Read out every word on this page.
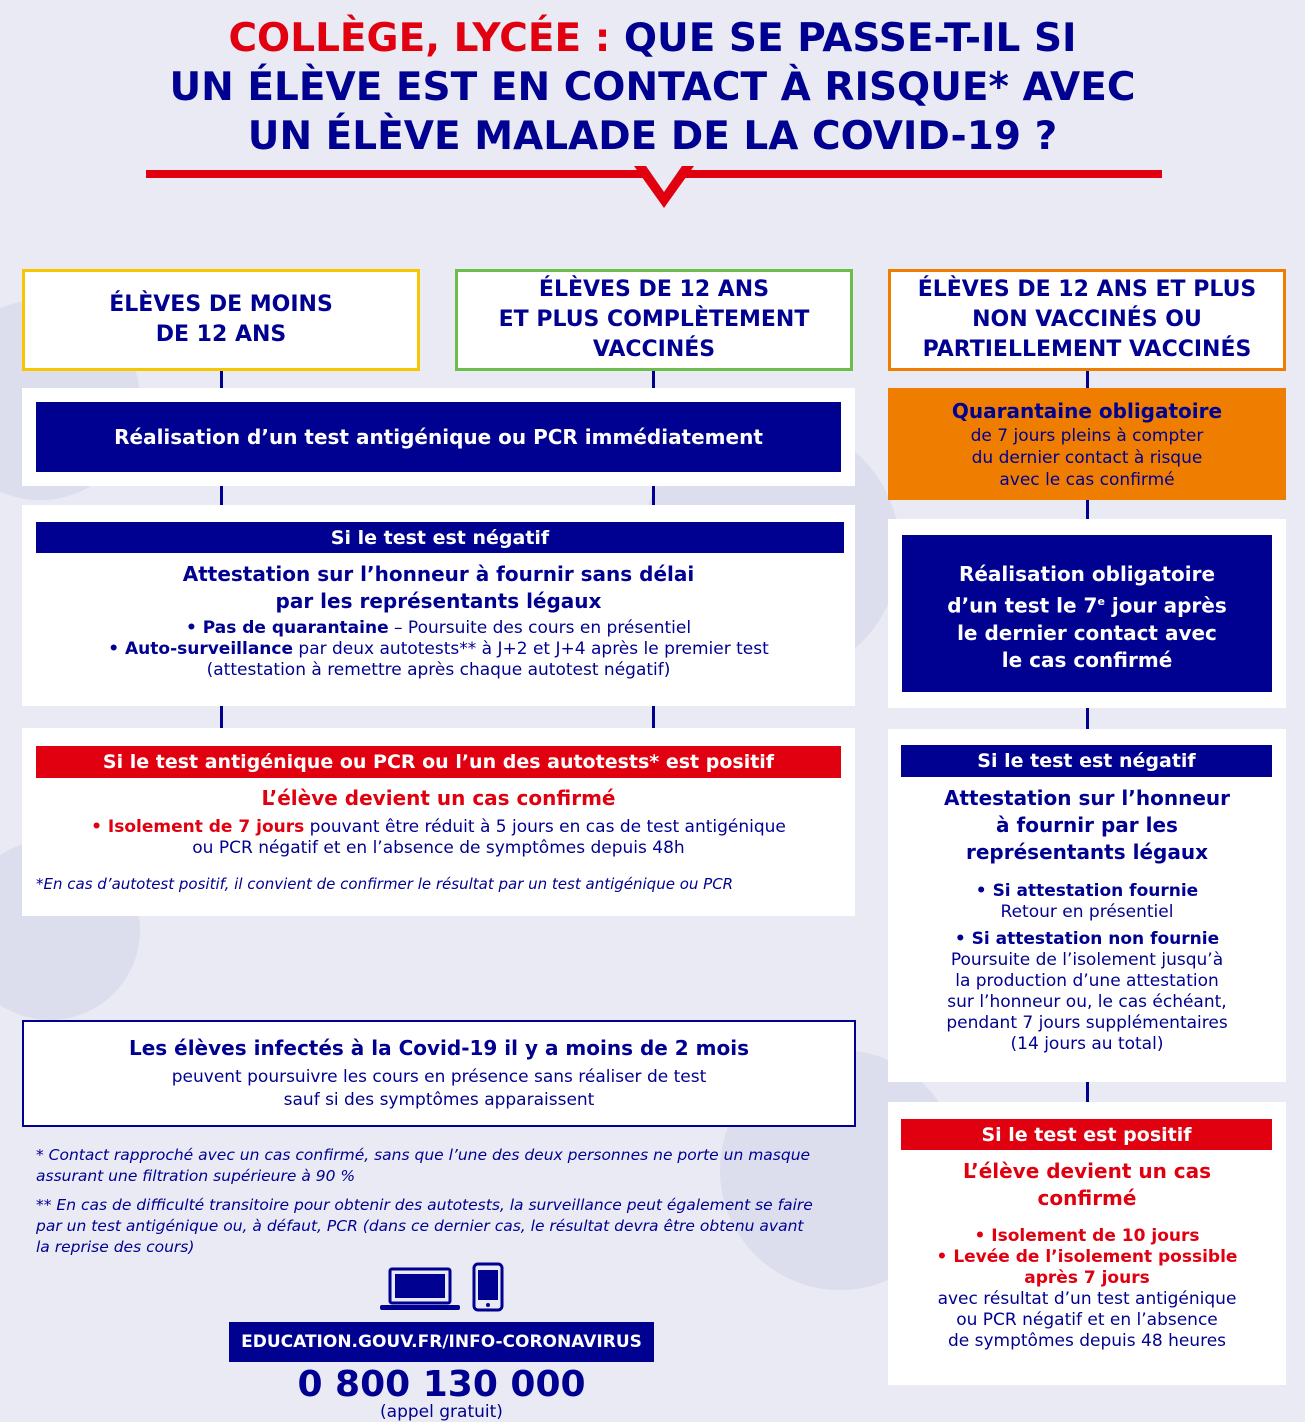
COLLÈGE, LYCÉE : QUE SE PASSE-T-IL SI
UN ÉLÈVE EST EN CONTACT À RISQUE* AVEC
UN ÉLÈVE MALADE DE LA COVID-19 ?
ÉLÈVES DE MOINS
DE 12 ANS
ÉLÈVES DE 12 ANS
ET PLUS COMPLÈTEMENT
VACCINÉS
ÉLÈVES DE 12 ANS ET PLUS
NON VACCINÉS OU
PARTIELLEMENT VACCINÉS
Réalisation d’un test antigénique ou PCR immédiatement
Si le test est négatif
Attestation sur l’honneur à fournir sans délai
par les représentants légaux
• Pas de quarantaine – Poursuite des cours en présentiel
• Auto-surveillance par deux autotests** à J+2 et J+4 après le premier test
(attestation à remettre après chaque autotest négatif)
Si le test antigénique ou PCR ou l’un des autotests* est positif
L’élève devient un cas confirmé
• Isolement de 7 jours pouvant être réduit à 5 jours en cas de test antigénique
ou PCR négatif et en l’absence de symptômes depuis 48h
*En cas d’autotest positif, il convient de confirmer le résultat par un test antigénique ou PCR
Les élèves infectés à la Covid-19 il y a moins de 2 mois
peuvent poursuivre les cours en présence sans réaliser de test
sauf si des symptômes apparaissent
* Contact rapproché avec un cas confirmé, sans que l’une des deux personnes ne porte un masque
assurant une filtration supérieure à 90 %
** En cas de difficulté transitoire pour obtenir des autotests, la surveillance peut également se faire
par un test antigénique ou, à défaut, PCR (dans ce dernier cas, le résultat devra être obtenu avant
la reprise des cours)
EDUCATION.GOUV.FR/INFO-CORONAVIRUS
0 800 130 000
(appel gratuit)
Quarantaine obligatoire
de 7 jours pleins à compter
du dernier contact à risque
avec le cas confirmé
Réalisation obligatoire
d’un test le 7e jour après
le dernier contact avec
le cas confirmé
Si le test est négatif
Attestation sur l’honneur
à fournir par les
représentants légaux
• Si attestation fournie
Retour en présentiel
• Si attestation non fournie
Poursuite de l’isolement jusqu’à
la production d’une attestation
sur l’honneur ou, le cas échéant,
pendant 7 jours supplémentaires
(14 jours au total)
Si le test est positif
L’élève devient un cas
confirmé
• Isolement de 10 jours
• Levée de l’isolement possible
après 7 jours
avec résultat d’un test antigénique
ou PCR négatif et en l’absence
de symptômes depuis 48 heures
